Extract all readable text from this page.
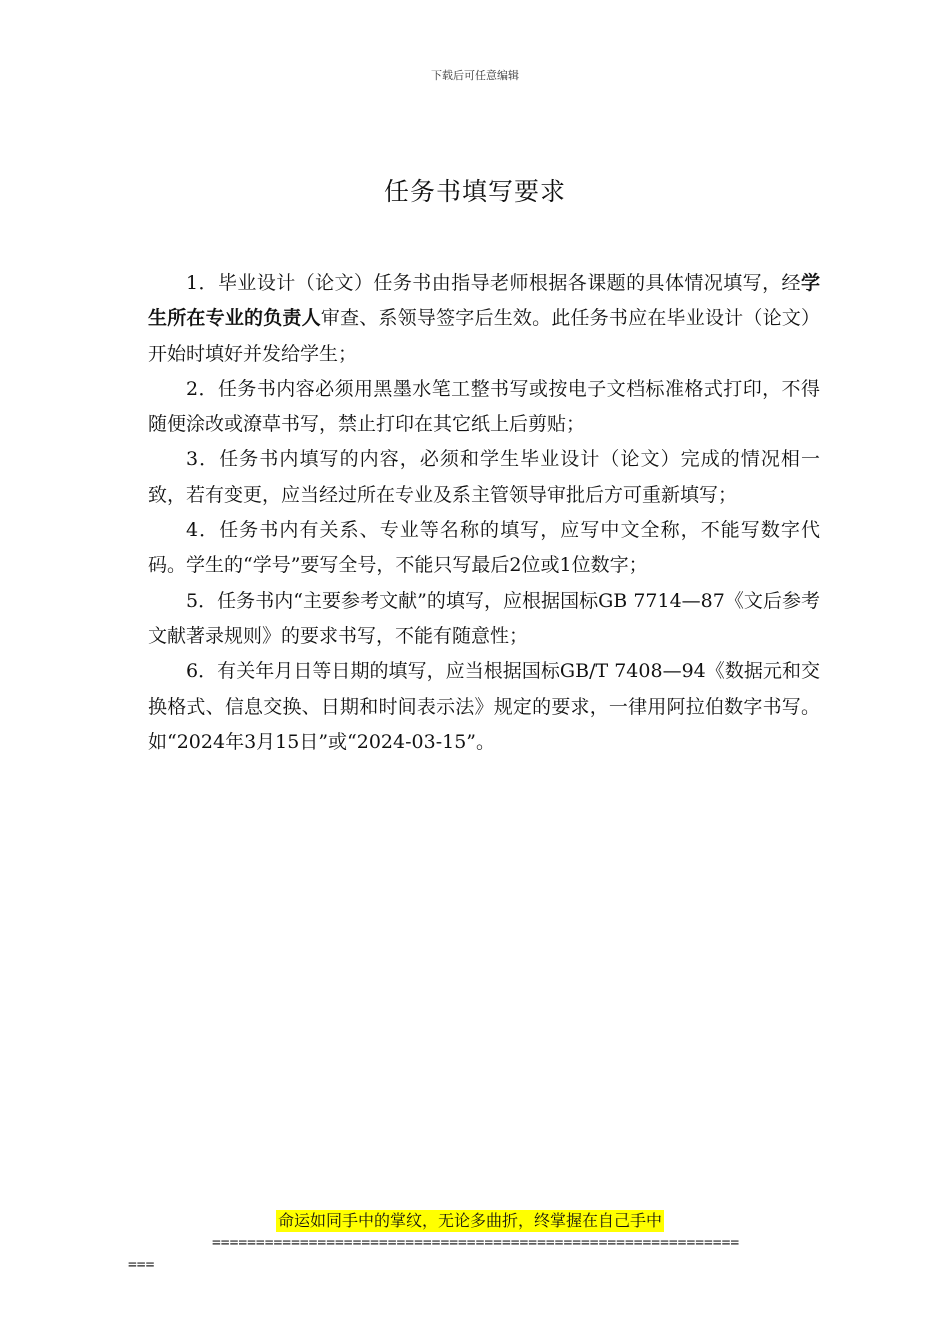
下载后可任意编辑
任务书填写要求

1．毕业设计（论文）任务书由指导老师根据各课题的具体情况填写，经学生所在专业的负责人审查、系领导签字后生效。此任务书应在毕业设计（论文）开始时填好并发给学生；

2．任务书内容必须用黑墨水笔工整书写或按电子文档标准格式打印，不得随便涂改或潦草书写，禁止打印在其它纸上后剪贴；

3．任务书内填写的内容，必须和学生毕业设计（论文）完成的情况相一致，若有变更，应当经过所在专业及系主管领导审批后方可重新填写；

4．任务书内有关系、专业等名称的填写，应写中文全称，不能写数字代码。学生的“学号”要写全号，不能只写最后2位或1位数字；

5．任务书内“主要参考文献”的填写，应根据国标GB 7714—87《文后参考文献著录规则》的要求书写，不能有随意性；

6．有关年月日等日期的填写，应当根据国标GB/T 7408—94《数据元和交换格式、信息交换、日期和时间表示法》规定的要求，一律用阿拉伯数字书写。如“2024年3月15日”或“2024-03-15”。

命运如同手中的掌纹，无论多曲折，终掌握在自己手中
============================================================
===
